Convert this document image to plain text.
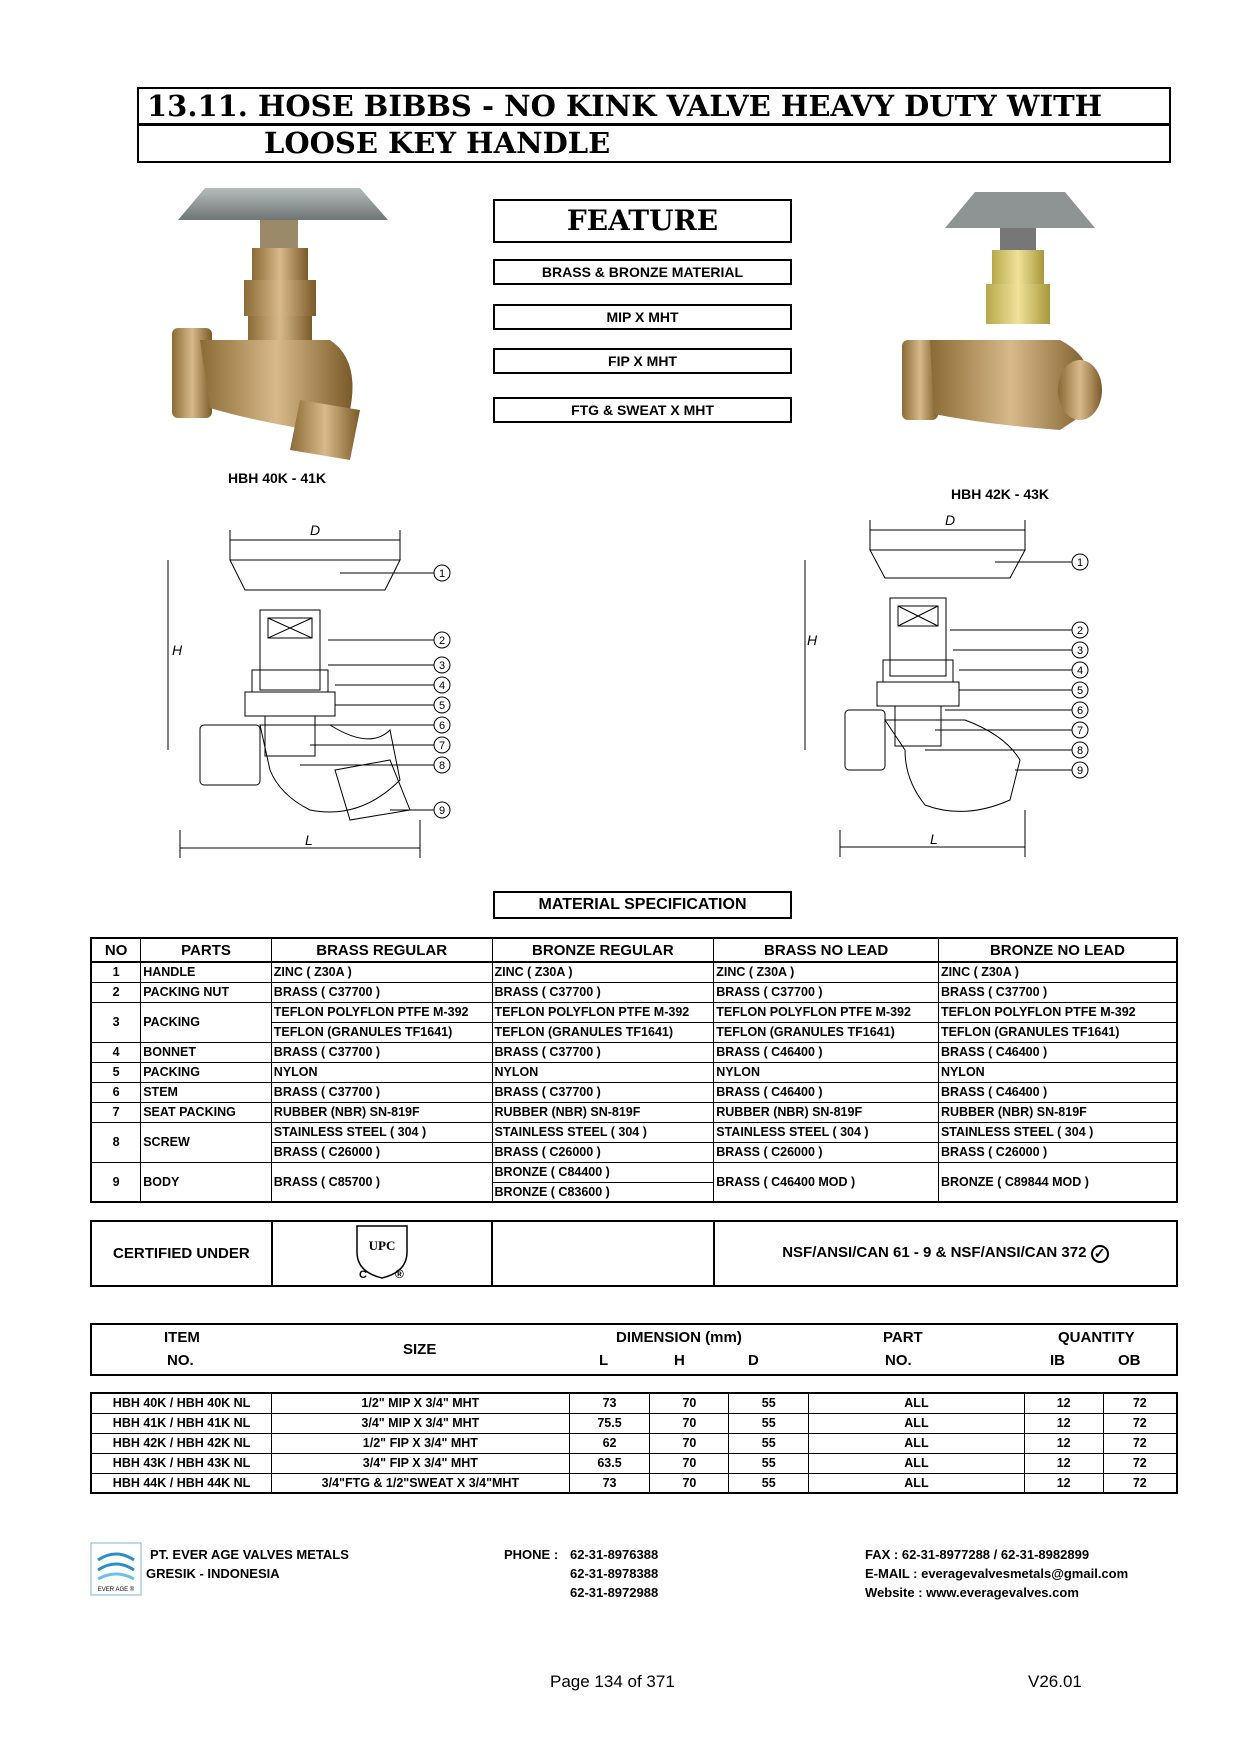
13.11. HOSE BIBBS - NO KINK VALVE HEAVY DUTY WITH
LOOSE KEY HANDLE
HBH 40K - 41K
HBH 42K - 43K
FEATURE
BRASS & BRONZE MATERIAL
MIP X MHT
FIP X MHT
FTG & SWEAT X MHT
D
H
L
1
2
3
4
5
6
7
8
9
D
H
L
1
2
3
4
5
6
7
8
9
MATERIAL SPECIFICATION
NO	PARTS	BRASS REGULAR	BRONZE REGULAR	BRASS NO LEAD	BRONZE NO LEAD
1	HANDLE	ZINC ( Z30A )	ZINC ( Z30A )	ZINC ( Z30A )	ZINC ( Z30A )
2	PACKING NUT	BRASS ( C37700 )	BRASS ( C37700 )	BRASS ( C37700 )	BRASS ( C37700 )
3	PACKING	TEFLON POLYFLON PTFE M-392	TEFLON POLYFLON PTFE M-392	TEFLON POLYFLON PTFE M-392	TEFLON POLYFLON PTFE M-392
		TEFLON (GRANULES TF1641)	TEFLON (GRANULES TF1641)	TEFLON (GRANULES TF1641)	TEFLON (GRANULES TF1641)
4	BONNET	BRASS ( C37700 )	BRASS ( C37700 )	BRASS ( C46400 )	BRASS ( C46400 )
5	PACKING	NYLON	NYLON	NYLON	NYLON
6	STEM	BRASS ( C37700 )	BRASS ( C37700 )	BRASS ( C46400 )	BRASS ( C46400 )
7	SEAT PACKING	RUBBER (NBR) SN-819F	RUBBER (NBR) SN-819F	RUBBER (NBR) SN-819F	RUBBER (NBR) SN-819F
8	SCREW	STAINLESS STEEL ( 304 )	STAINLESS STEEL ( 304 )	STAINLESS STEEL ( 304 )	STAINLESS STEEL ( 304 )
		BRASS ( C26000 )	BRASS ( C26000 )	BRASS ( C26000 )	BRASS ( C26000 )
9	BODY	BRASS ( C85700 )	BRONZE ( C84400 )	BRASS ( C46400 MOD )	BRONZE ( C89844 MOD )
			BRONZE ( C83600 )		
CERTIFIED UNDER	UPC
C ®
		NSF/ANSI/CAN 61 - 9 & NSF/ANSI/CAN 372 ✓
ITEM
NO.
SIZE
DIMENSION (mm)
L	H	D
PART
NO.
QUANTITY
IB	OB
HBH 40K / HBH 40K NL	1/2" MIP X 3/4" MHT	73	70	55	ALL	12	72
HBH 41K / HBH 41K NL	3/4" MIP X 3/4" MHT	75.5	70	55	ALL	12	72
HBH 42K / HBH 42K NL	1/2" FIP X 3/4" MHT	62	70	55	ALL	12	72
HBH 43K / HBH 43K NL	3/4" FIP X 3/4" MHT	63.5	70	55	ALL	12	72
HBH 44K / HBH 44K NL	3/4"FTG & 1/2"SWEAT X 3/4"MHT	73	70	55	ALL	12	72
EVER AGE ®
PT. EVER AGE VALVES METALS
GRESIK - INDONESIA
PHONE : 62-31-8976388
62-31-8978388
62-31-8972988
FAX : 62-31-8977288 / 62-31-8982899
E-MAIL : everagevalvesmetals@gmail.com
Website : www.everagevalves.com
Page 134 of 371	V26.01
